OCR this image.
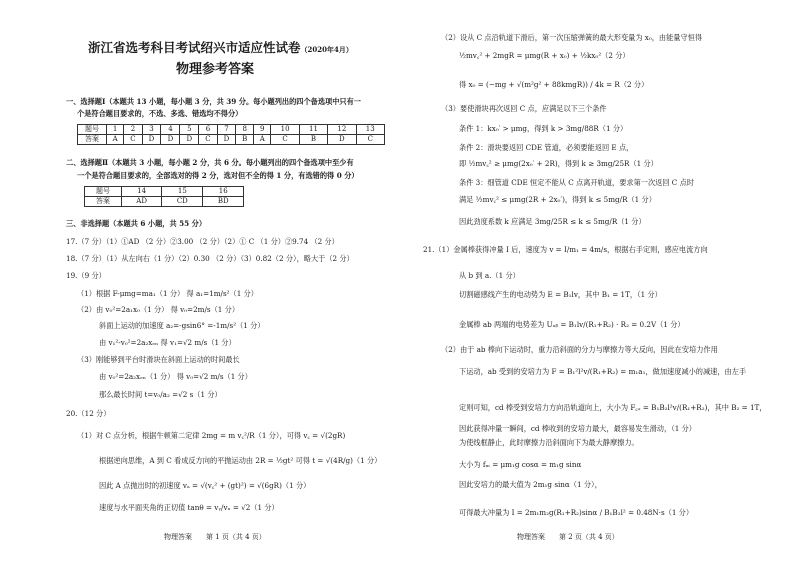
浙江省选考科目考试绍兴市适应性试卷（2020年4月）
物理参考答案
一、选择题Ⅰ（本题共 13 小题，每小题 3 分，共 39 分。每小题列出的四个备选项中只有一
个是符合题目要求的，不选、多选、错选均不得分）
题号	1	2	3	4	5	6	7	8	9	10	11	12	13
答案	A	C	D	D	D	C	D	B	A	C	B	D	C
二、选择题Ⅱ（本题共 3 小题，每小题 2 分，共 6 分。每小题列出的四个备选项中至少有
一个是符合题目要求的，全部选对的得 2 分，选对但不全的得 1 分，有选错的得 0 分）
题号	14	15	16
答案	AD	CD	BD
三、非选择题（本题共 6 小题，共 55 分）
17.（7 分）（1）①AD （2 分）②3.00 （2 分）（2）① C （1 分）②9.74 （2 分）
18.（7 分）（1）从左向右（1 分）（2）0.30 （2 分）（3）0.82（2 分），略大于（2 分）
19.（9 分）
（1）根据 F-μmg=ma₁（1 分） 得 a₁=1m/s²（1 分）
（2）由 v₀²=2a₁x₀（1 分） 得 v₀=2m/s（1 分）
斜面上运动的加速度 a₂=-gsin6° =-1m/s²（1 分）
由 v₁²-v₀²=2a₂xₑₙ 得 v₁=√2 m/s（1 分）
（3）刚能够到平台时滑块在斜面上运动的时间最长
由 v₀²=2a₂xₑₙ（1 分） 得 v₀=√2 m/s（1 分）
那么最长时间 t=v₀/a₂ =√2 s（1 分）
20.（12 分）
（1）对 C 点分析，根据牛顿第二定律 2mg = m v꜀²/R（1 分），可得 v꜀ = √(2gR)
根据逆向思维，A 到 C 看成反方向的平抛运动由 2R = ½gt² 可得 t = √(4R/g)（1 分）
因此 A 点抛出时的初速度 vₐ = √(v꜀² + (gt)²) = √(6gR)（1 分）
速度与水平面夹角的正切值 tanθ = vᵧ/vₓ = √2（1 分）
物理答案　　第 1 页（共 4 页）
（2）设从 C 点沿轨道下滑后，第一次压缩弹簧的最大形变量为 x₀，由能量守恒得
½mv꜀² + 2mgR = μmg(R + x₀) + ½kx₀²（2 分）
得 x₀ = (−mg + √(m²g² + 88kmgR)) / 4k = R（2 分）
（3）要使滑块再次返回 C 点，应满足以下三个条件
条件 1：kx₀′ > μmg，得到 k > 3mg/88R（1 分）
条件 2：滑块要返回 CDE 管道，必须要能返回 E 点，
即 ½mv꜀² ≥ μmg(2x₀′ + 2R)，得到 k ≥ 3mg/25R（1 分）
条件 3：细管道 CDE 恒定不能从 C 点离开轨道，要求第一次返回 C 点时
满足 ½mv꜀² ≤ μmg(2R + 2x₀′)，得到 k ≤ 5mg/R（1 分）
因此劲度系数 k 应满足 3mg/25R ≤ k ≤ 5mg/R（1 分）
21.（1）金属棒获得冲量 I 后，速度为 v = I/m₁ = 4m/s，根据右手定则，感应电流方向
从 b 到 a.（1 分）
切割磁感线产生的电动势为 E = B₁lv，其中 B₁ = 1T，（1 分）
金属棒 ab 两端的电势差为 Uₐᵦ = B₁lv/(R₁+R₂) · R₂ = 0.2V（1 分）
（2）由于 ab 棒向下运动时，重力沿斜面的分力与摩擦力等大反向，因此在安培力作用
下运动，ab 受到的安培力为 F = B₁²l²v/(R₁+R₂) = m₁a₁，做加速度减小的减速，由左手
定则可知，cd 棒受到安培力方向沿轨道向上，大小为 F꜀ₔ = B₁B₂l²v/(R₁+R₂)，其中 B₂ = 1T，
因此获得冲量一瞬间，cd 棒收到的安培力最大，最容易发生滑动，（1 分）
为使线框静止，此时摩擦力沿斜面向下为最大静摩擦力。
大小为 fₘ = μm₁g cosα = m₁g sinα
因此安培力的最大值为 2m₁g sinα（1 分），
可得最大冲量为 I = 2m₁m₂g(R₁+R₂)sinα / B₁B₂l² = 0.48N·s（1 分）
物理答案　　第 2 页（共 4 页）
